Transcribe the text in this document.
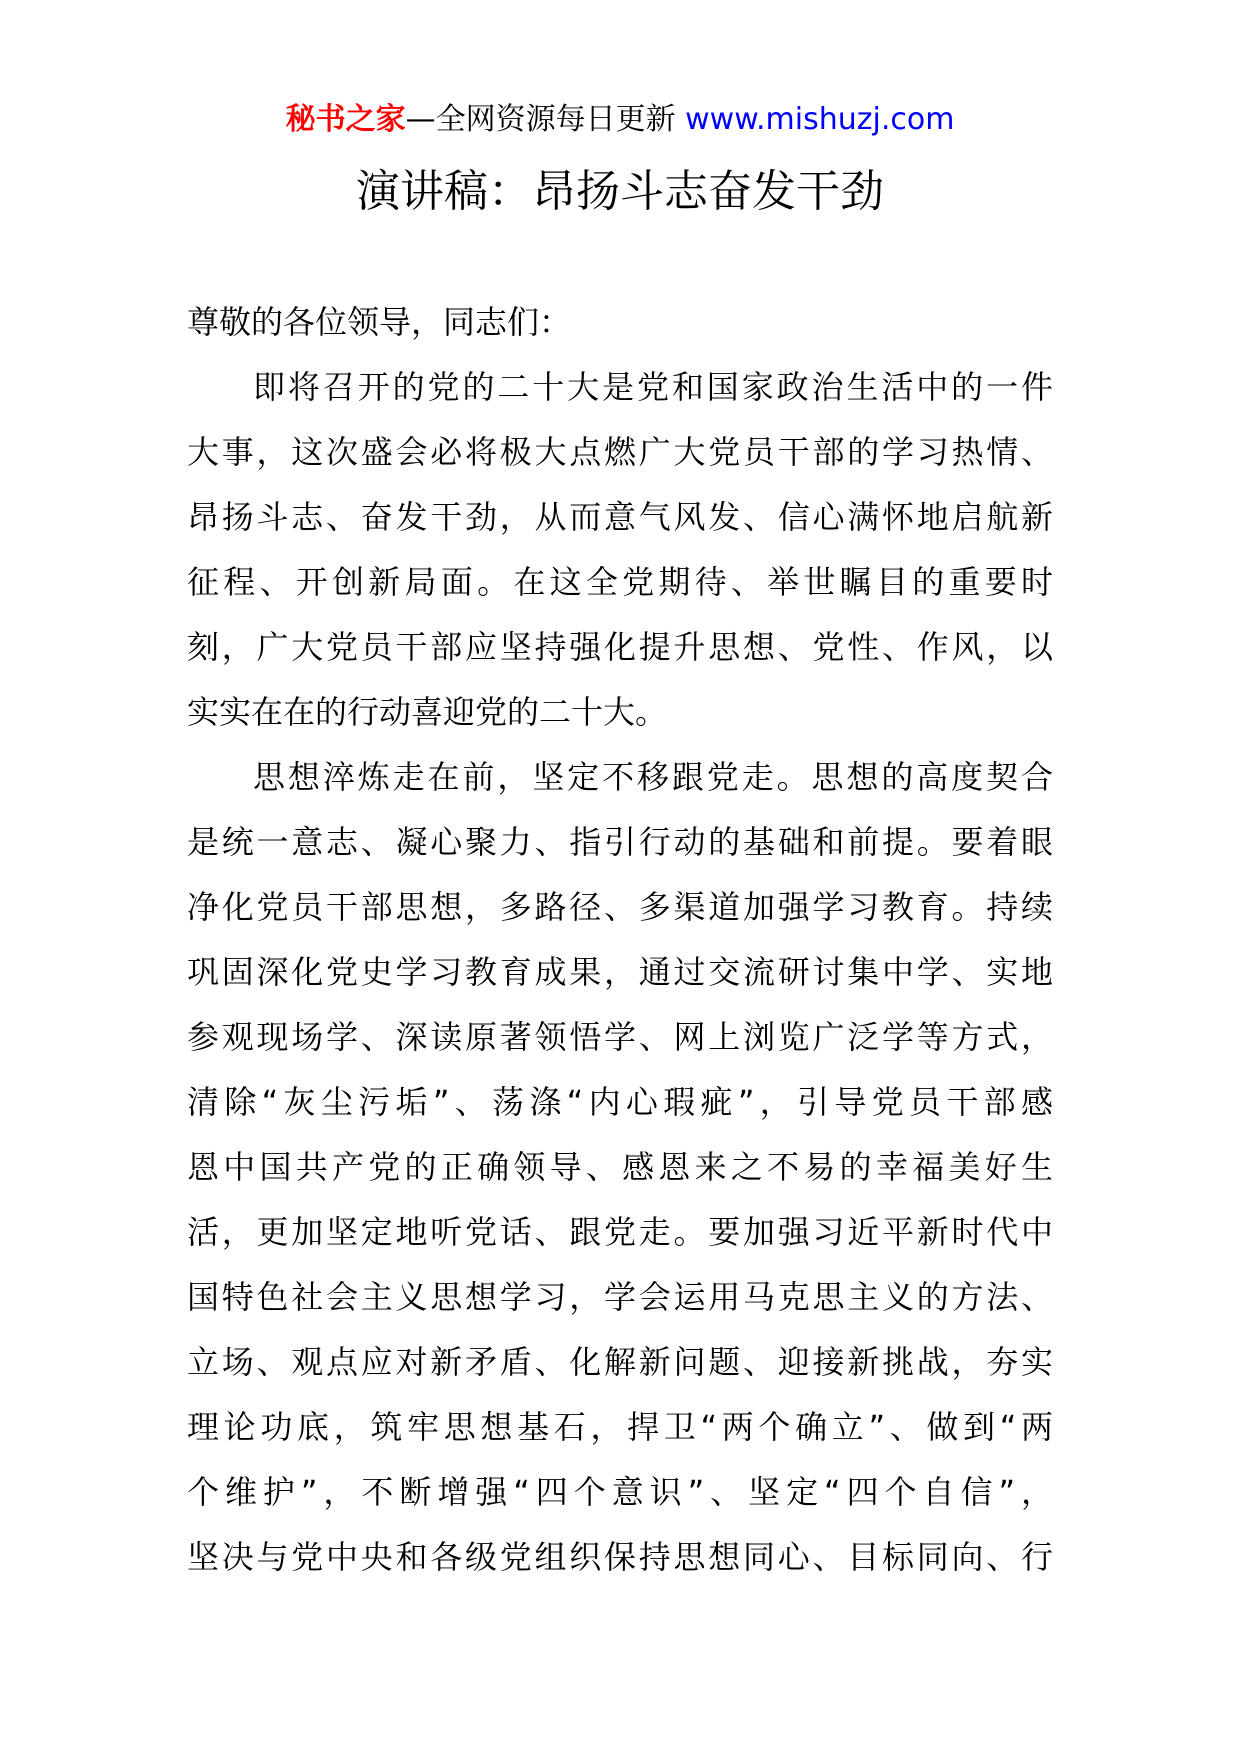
秘书之家—全网资源每日更新 www.mishuzj.com
演讲稿：昂扬斗志奋发干劲
尊敬的各位领导，同志们：
即将召开的党的二十大是党和国家政治生活中的一件
大事，这次盛会必将极大点燃广大党员干部的学习热情、
昂扬斗志、奋发干劲，从而意气风发、信心满怀地启航新
征程、开创新局面。在这全党期待、举世瞩目的重要时
刻，广大党员干部应坚持强化提升思想、党性、作风，以
实实在在的行动喜迎党的二十大。
思想淬炼走在前，坚定不移跟党走。思想的高度契合
是统一意志、凝心聚力、指引行动的基础和前提。要着眼
净化党员干部思想，多路径、多渠道加强学习教育。持续
巩固深化党史学习教育成果，通过交流研讨集中学、实地
参观现场学、深读原著领悟学、网上浏览广泛学等方式，
清除“灰尘污垢”、荡涤“内心瑕疵”，引导党员干部感
恩中国共产党的正确领导、感恩来之不易的幸福美好生
活，更加坚定地听党话、跟党走。要加强习近平新时代中
国特色社会主义思想学习，学会运用马克思主义的方法、
立场、观点应对新矛盾、化解新问题、迎接新挑战，夯实
理论功底，筑牢思想基石，捍卫“两个确立”、做到“两
个维护”，不断增强“四个意识”、坚定“四个自信”，
坚决与党中央和各级党组织保持思想同心、目标同向、行
